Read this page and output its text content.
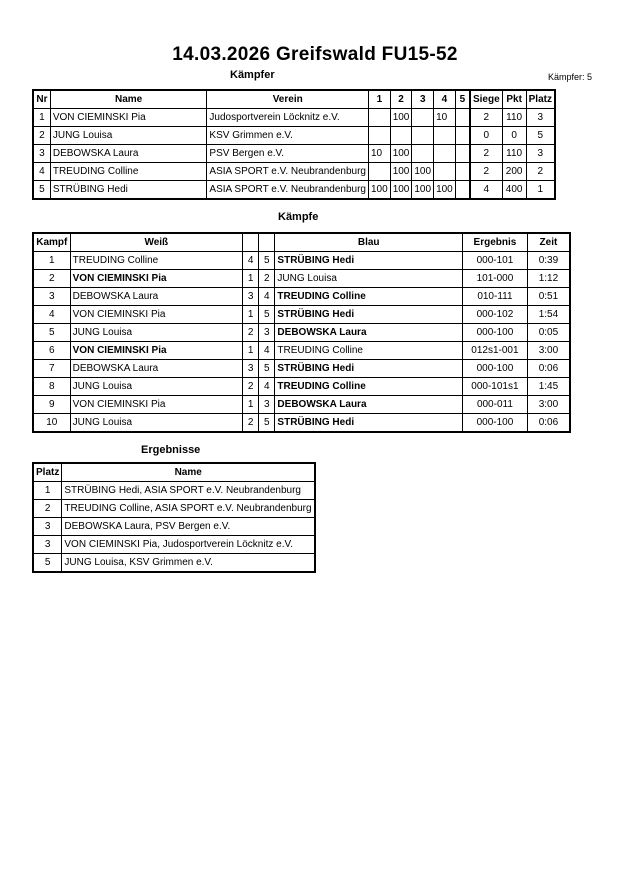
14.03.2026 Greifswald FU15-52
Kämpfer	Kämpfer: 5
Nr	Name	Verein	1	2	3	4	5	Siege	Pkt	Platz
1	VON CIEMINSKI Pia	Judosportverein Löcknitz e.V.		100		10		2	110	3
2	JUNG Louisa	KSV Grimmen e.V.						0	0	5
3	DEBOWSKA Laura	PSV Bergen e.V.	10	100				2	110	3
4	TREUDING Colline	ASIA SPORT e.V. Neubrandenburg		100	100			2	200	2
5	STRÜBING Hedi	ASIA SPORT e.V. Neubrandenburg	100	100	100	100		4	400	1
Kämpfe
Kampf	Weiß			Blau	Ergebnis	Zeit
1	TREUDING Colline	4	5	STRÜBING Hedi	000-101	0:39
2	VON CIEMINSKI Pia	1	2	JUNG Louisa	101-000	1:12
3	DEBOWSKA Laura	3	4	TREUDING Colline	010-111	0:51
4	VON CIEMINSKI Pia	1	5	STRÜBING Hedi	000-102	1:54
5	JUNG Louisa	2	3	DEBOWSKA Laura	000-100	0:05
6	VON CIEMINSKI Pia	1	4	TREUDING Colline	012s1-001	3:00
7	DEBOWSKA Laura	3	5	STRÜBING Hedi	000-100	0:06
8	JUNG Louisa	2	4	TREUDING Colline	000-101s1	1:45
9	VON CIEMINSKI Pia	1	3	DEBOWSKA Laura	000-011	3:00
10	JUNG Louisa	2	5	STRÜBING Hedi	000-100	0:06
Ergebnisse
Platz	Name
1	STRÜBING Hedi, ASIA SPORT e.V. Neubrandenburg
2	TREUDING Colline, ASIA SPORT e.V. Neubrandenburg
3	DEBOWSKA Laura, PSV Bergen e.V.
3	VON CIEMINSKI Pia, Judosportverein Löcknitz e.V.
5	JUNG Louisa, KSV Grimmen e.V.
